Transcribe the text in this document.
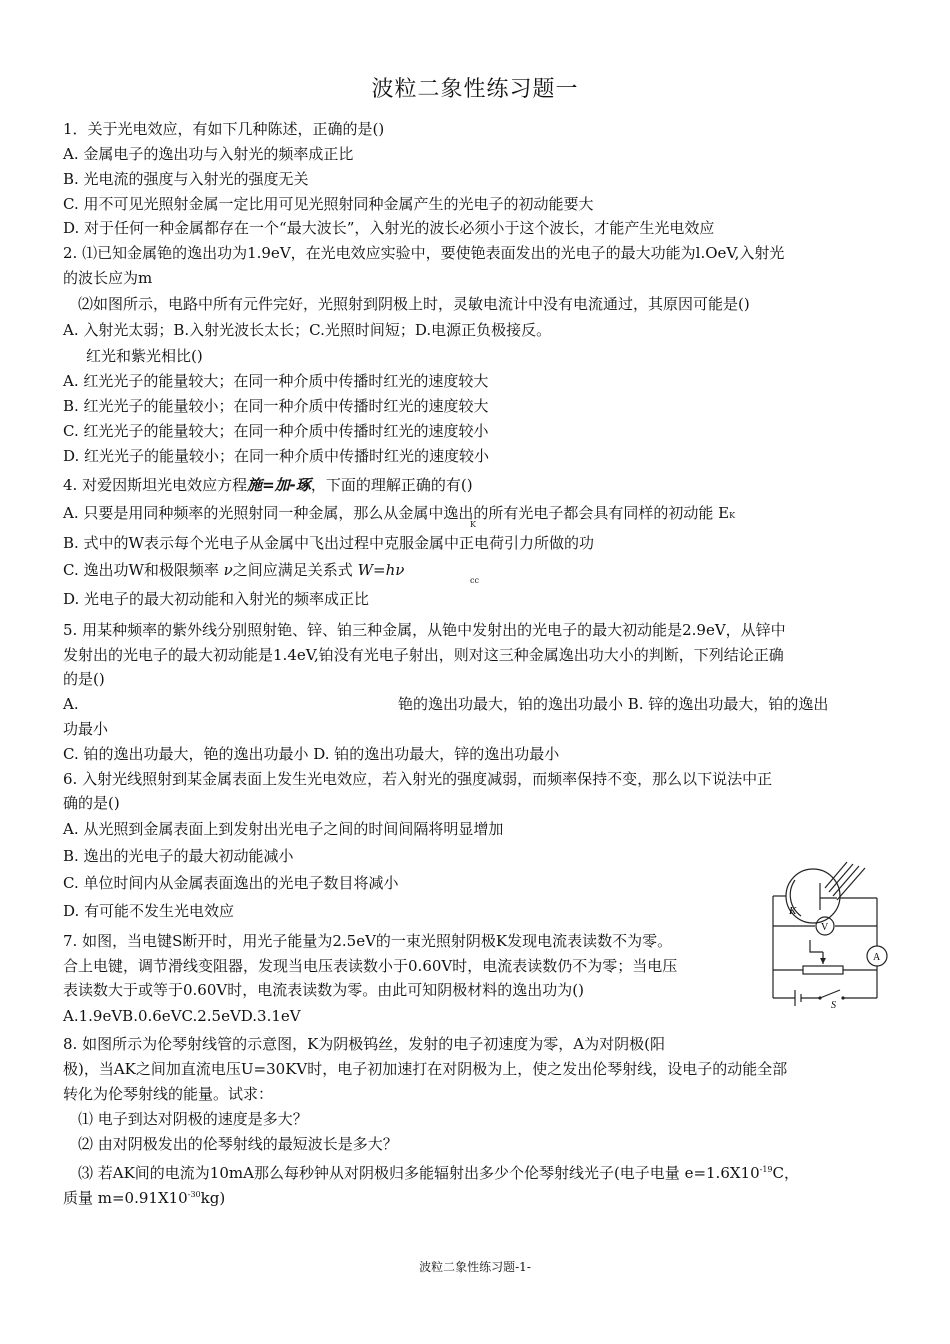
波粒二象性练习题一
1．关于光电效应，有如下几种陈述，正确的是()
A. 金属电子的逸出功与入射光的频率成正比
B. 光电流的强度与入射光的强度无关
C. 用不可见光照射金属一定比用可见光照射同种金属产生的光电子的初动能要大
D. 对于任何一种金属都存在一个“最大波长”，入射光的波长必须小于这个波长，才能产生光电效应
2. ⑴已知金属铯的逸出功为1.9eV，在光电效应实验中，要使铯表面发出的光电子的最大功能为l.OeV,入射光
的波长应为m
⑵如图所示，电路中所有元件完好，光照射到阴极上时，灵敏电流计中没有电流通过，其原因可能是()
A. 入射光太弱；B.入射光波长太长；C.光照时间短；D.电源正负极接反。
红光和紫光相比()
A. 红光光子的能量较大；在同一种介质中传播时红光的速度较大
B. 红光光子的能量较小；在同一种介质中传播时红光的速度较大
C. 红光光子的能量较大；在同一种介质中传播时红光的速度较小
D. 红光光子的能量较小；在同一种介质中传播时红光的速度较小
4. 对爱因斯坦光电效应方程施=加-琢，下面的理解正确的有()
A. 只要是用同种频率的光照射同一种金属，那么从金属中逸出的所有光电子都会具有同样的初动能 EK
K
B. 式中的W表示每个光电子从金属中飞出过程中克服金属中正电荷引力所做的功
C. 逸出功W和极限频率 ν之间应满足关系式 W=hν
cc
D. 光电子的最大初动能和入射光的频率成正比
5. 用某种频率的紫外线分别照射铯、锌、铂三种金属，从铯中发射出的光电子的最大初动能是2.9eV，从锌中
发射出的光电子的最大初动能是1.4eV,铂没有光电子射出，则对这三种金属逸出功大小的判断，下列结论正确
的是()
A.	铯的逸出功最大，铂的逸出功最小 B. 锌的逸出功最大，铂的逸出
功最小
C. 铂的逸出功最大，铯的逸出功最小 D. 铂的逸出功最大，锌的逸出功最小
6. 入射光线照射到某金属表面上发生光电效应，若入射光的强度减弱，而频率保持不变，那么以下说法中正
确的是()
A. 从光照到金属表面上到发射出光电子之间的时间间隔将明显增加
B. 逸出的光电子的最大初动能减小
C. 单位时间内从金属表面逸出的光电子数目将减小
D. 有可能不发生光电效应
7. 如图，当电键S断开时，用光子能量为2.5eV的一束光照射阴极K发现电流表读数不为零。
合上电键，调节滑线变阻器，发现当电压表读数小于0.60V时，电流表读数仍不为零；当电压
表读数大于或等于0.60V时，电流表读数为零。由此可知阴极材料的逸出功为()
A.1.9eVB.0.6eVC.2.5eVD.3.1eV
8. 如图所示为伦琴射线管的示意图，K为阴极钨丝，发射的电子初速度为零，A为对阴极(阳
极)，当AK之间加直流电压U=30KV时，电子初加速打在对阴极为上，使之发出伦琴射线，设电子的动能全部
转化为伦琴射线的能量。试求：
⑴ 电子到达对阴极的速度是多大？
⑵ 由对阴极发出的伦琴射线的最短波长是多大？
⑶ 若AK间的电流为10mA那么每秒钟从对阴极归多能辐射出多少个伦琴射线光子(电子电量 $e=1.6X10^{-19}C$，
质量 $m=0.91X10^{-30}kg$)
K
V
A
S
波粒二象性练习题-1-
